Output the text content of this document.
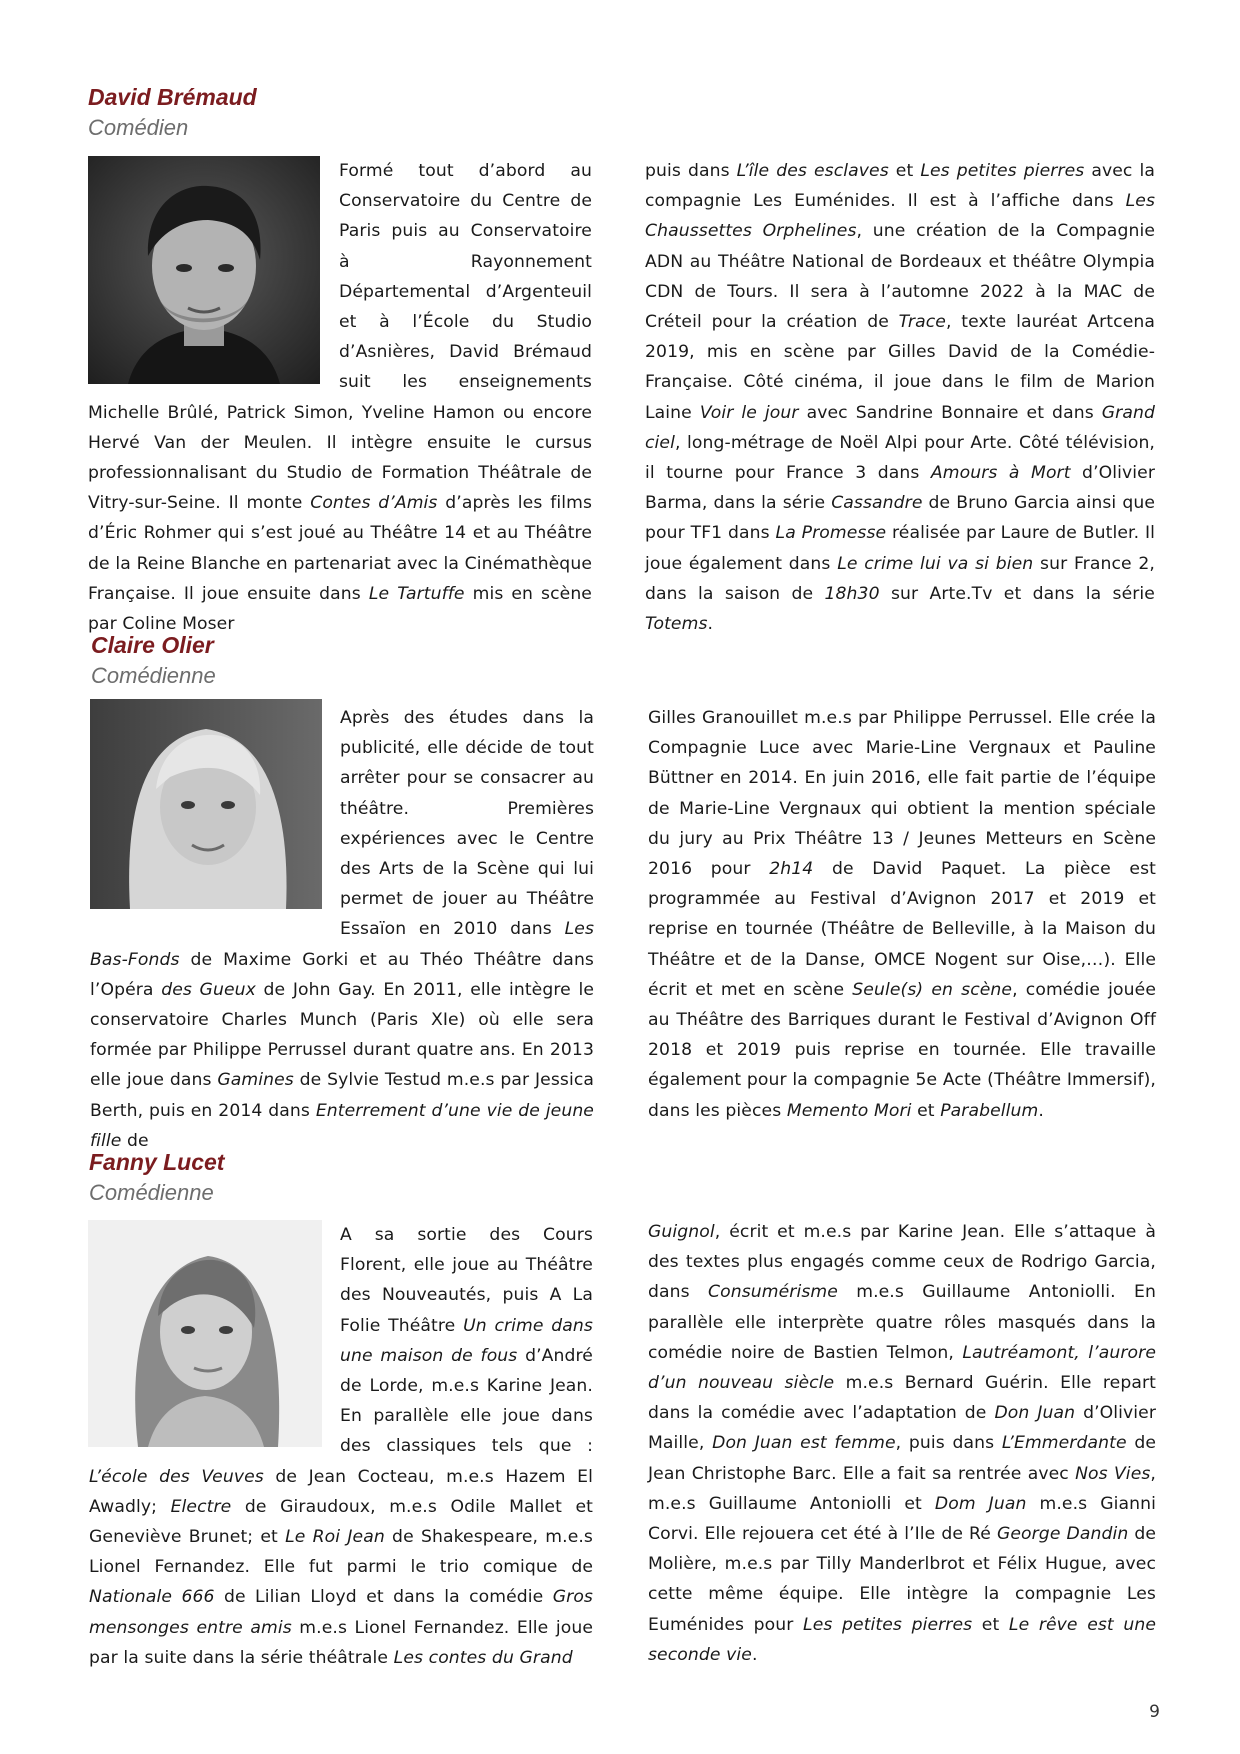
David Brémaud
Comédien

Formé tout d’abord au Conservatoire du Centre de Paris puis au Conservatoire à Rayonnement Départemental d’Argenteuil et à l’École du Studio d’Asnières, David Brémaud suit les enseignements Michelle Brûlé, Patrick Simon, Yveline Hamon ou encore Hervé Van der Meulen. Il intègre ensuite le cursus professionnalisant du Studio de Formation Théâtrale de Vitry-sur-Seine. Il monte Contes d’Amis d’après les films d’Éric Rohmer qui s’est joué au Théâtre 14 et au Théâtre de la Reine Blanche en partenariat avec la Cinémathèque Française. Il joue ensuite dans Le Tartuffe mis en scène par Coline Moser

puis dans L’île des esclaves et Les petites pierres avec la compagnie Les Euménides. Il est à l’affiche dans Les Chaussettes Orphelines, une création de la Compagnie ADN au Théâtre National de Bordeaux et théâtre Olympia CDN de Tours. Il sera à l’automne 2022 à la MAC de Créteil pour la création de Trace, texte lauréat Artcena 2019, mis en scène par Gilles David de la Comédie-Française. Côté cinéma, il joue dans le film de Marion Laine Voir le jour avec Sandrine Bonnaire et dans Grand ciel, long-métrage de Noël Alpi pour Arte. Côté télévision, il tourne pour France 3 dans Amours à Mort d’Olivier Barma, dans la série Cassandre de Bruno Garcia ainsi que pour TF1 dans La Promesse réalisée par Laure de Butler. Il joue également dans Le crime lui va si bien sur France 2, dans la saison de 18h30 sur Arte.Tv et dans la série Totems.

Claire Olier
Comédienne

Après des études dans la publicité, elle décide de tout arrêter pour se consacrer au théâtre. Premières expériences avec le Centre des Arts de la Scène qui lui permet de jouer au Théâtre Essaïon en 2010 dans Les Bas-Fonds de Maxime Gorki et au Théo Théâtre dans l’Opéra des Gueux de John Gay. En 2011, elle intègre le conservatoire Charles Munch (Paris XIe) où elle sera formée par Philippe Perrussel durant quatre ans. En 2013 elle joue dans Gamines de Sylvie Testud m.e.s par Jessica Berth, puis en 2014 dans Enterrement d’une vie de jeune fille de

Gilles Granouillet m.e.s par Philippe Perrussel. Elle crée la Compagnie Luce avec Marie-Line Vergnaux et Pauline Büttner en 2014. En juin 2016, elle fait partie de l’équipe de Marie-Line Vergnaux qui obtient la mention spéciale du jury au Prix Théâtre 13 / Jeunes Metteurs en Scène 2016 pour 2h14 de David Paquet. La pièce est programmée au Festival d’Avignon 2017 et 2019 et reprise en tournée (Théâtre de Belleville, à la Maison du Théâtre et de la Danse, OMCE Nogent sur Oise,…). Elle écrit et met en scène Seule(s) en scène, comédie jouée au Théâtre des Barriques durant le Festival d’Avignon Off 2018 et 2019 puis reprise en tournée. Elle travaille également pour la compagnie 5e Acte (Théâtre Immersif), dans les pièces Memento Mori et Parabellum.

Fanny Lucet
Comédienne

A sa sortie des Cours Florent, elle joue au Théâtre des Nouveautés, puis A La Folie Théâtre Un crime dans une maison de fous d’André de Lorde, m.e.s Karine Jean. En parallèle elle joue dans des classiques tels que : L’école des Veuves de Jean Cocteau, m.e.s Hazem El Awadly; Electre de Giraudoux, m.e.s Odile Mallet et Geneviève Brunet; et Le Roi Jean de Shakespeare, m.e.s Lionel Fernandez. Elle fut parmi le trio comique de Nationale 666 de Lilian Lloyd et dans la comédie Gros mensonges entre amis m.e.s Lionel Fernandez. Elle joue par la suite dans la série théâtrale Les contes du Grand

Guignol, écrit et m.e.s par Karine Jean. Elle s’attaque à des textes plus engagés comme ceux de Rodrigo Garcia, dans Consumérisme m.e.s Guillaume Antoniolli. En parallèle elle interprète quatre rôles masqués dans la comédie noire de Bastien Telmon, Lautréamont, l’aurore d’un nouveau siècle m.e.s Bernard Guérin. Elle repart dans la comédie avec l’adaptation de Don Juan d’Olivier Maille, Don Juan est femme, puis dans L’Emmerdante de Jean Christophe Barc. Elle a fait sa rentrée avec Nos Vies, m.e.s Guillaume Antoniolli et Dom Juan m.e.s Gianni Corvi. Elle rejouera cet été à l’Ile de Ré George Dandin de Molière, m.e.s par Tilly Manderlbrot et Félix Hugue, avec cette même équipe. Elle intègre la compagnie Les Euménides pour Les petites pierres et Le rêve est une seconde vie.

9
